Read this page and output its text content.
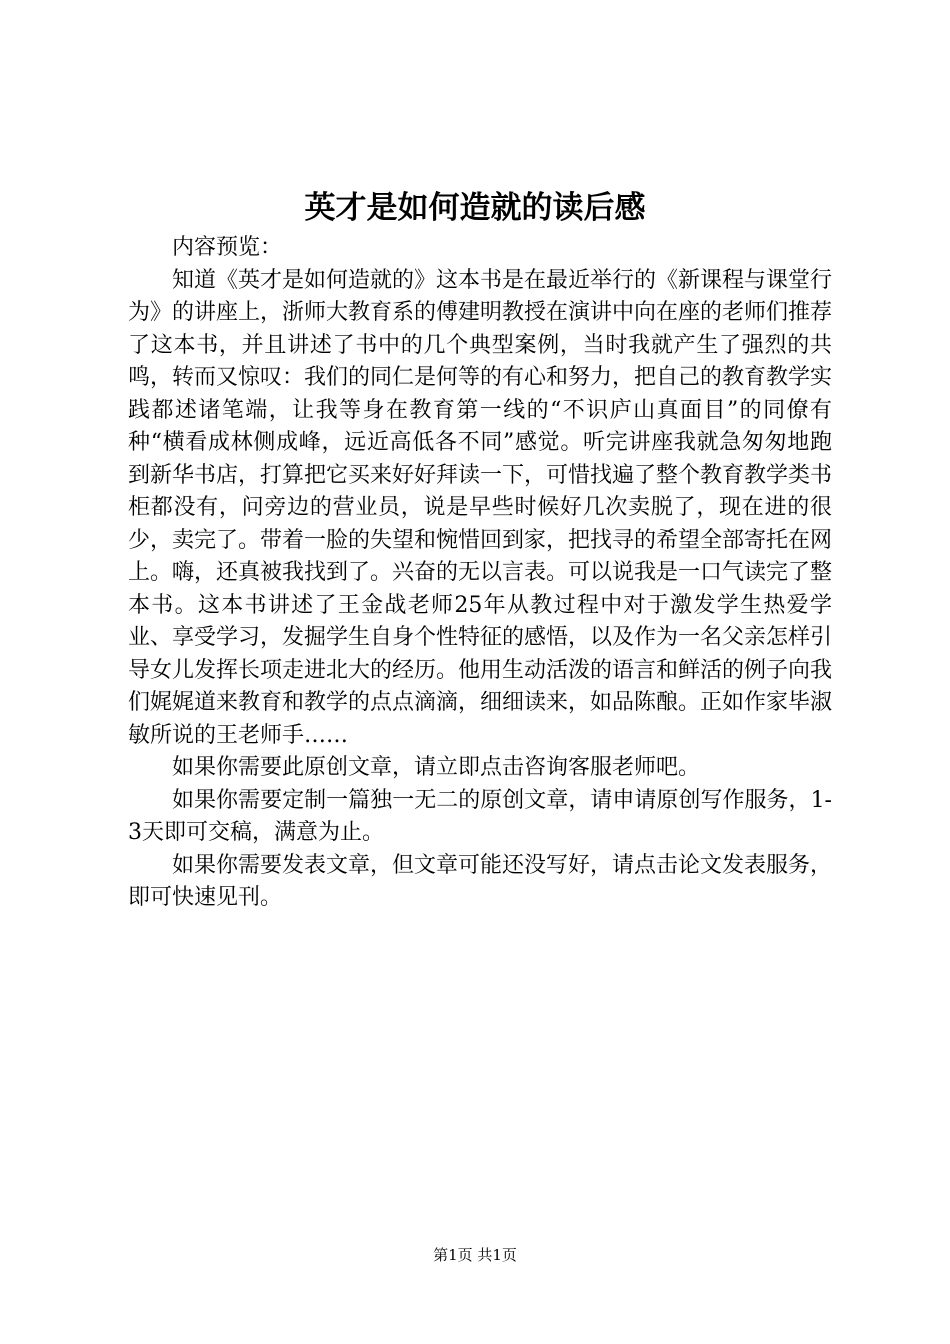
英才是如何造就的读后感

内容预览：

知道《英才是如何造就的》这本书是在最近举行的《新课程与课堂行为》的讲座上，浙师大教育系的傅建明教授在演讲中向在座的老师们推荐了这本书，并且讲述了书中的几个典型案例，当时我就产生了强烈的共鸣，转而又惊叹：我们的同仁是何等的有心和努力，把自己的教育教学实践都述诸笔端，让我等身在教育第一线的“不识庐山真面目”的同僚有种“横看成林侧成峰，远近高低各不同”感觉。听完讲座我就急匆匆地跑到新华书店，打算把它买来好好拜读一下，可惜找遍了整个教育教学类书柜都没有，问旁边的营业员，说是早些时候好几次卖脱了，现在进的很少，卖完了。带着一脸的失望和惋惜回到家，把找寻的希望全部寄托在网上。嗨，还真被我找到了。兴奋的无以言表。可以说我是一口气读完了整本书。这本书讲述了王金战老师25年从教过程中对于激发学生热爱学业、享受学习，发掘学生自身个性特征的感悟，以及作为一名父亲怎样引导女儿发挥长项走进北大的经历。他用生动活泼的语言和鲜活的例子向我们娓娓道来教育和教学的点点滴滴，细细读来，如品陈酿。正如作家毕淑敏所说的王老师手……

如果你需要此原创文章，请立即点击咨询客服老师吧。

如果你需要定制一篇独一无二的原创文章，请申请原创写作服务，1-3天即可交稿，满意为止。

如果你需要发表文章，但文章可能还没写好，请点击论文发表服务，即可快速见刊。

第1页 共1页
